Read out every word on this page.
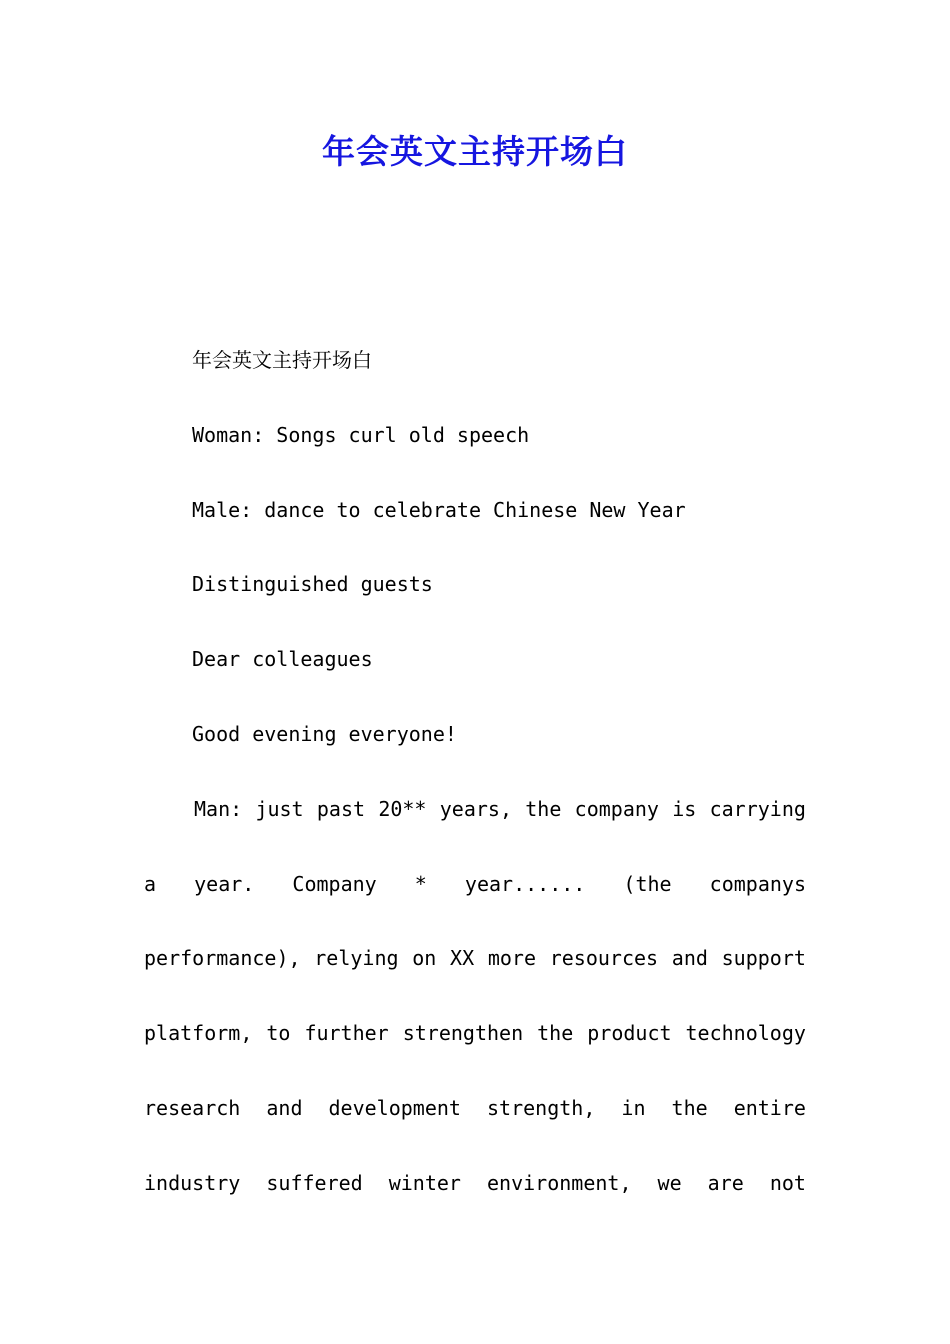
年会英文主持开场白
年会英文主持开场白
Woman: Songs curl old speech
Male: dance to celebrate Chinese New Year
Distinguished guests
Dear colleagues
Good evening everyone!
Man: just past 20** years, the company is carrying
a year. Company * year...... (the companys
performance), relying on XX more resources and support
platform, to further strengthen the product technology
research and development strength, in the entire
industry suffered winter environment, we are not
